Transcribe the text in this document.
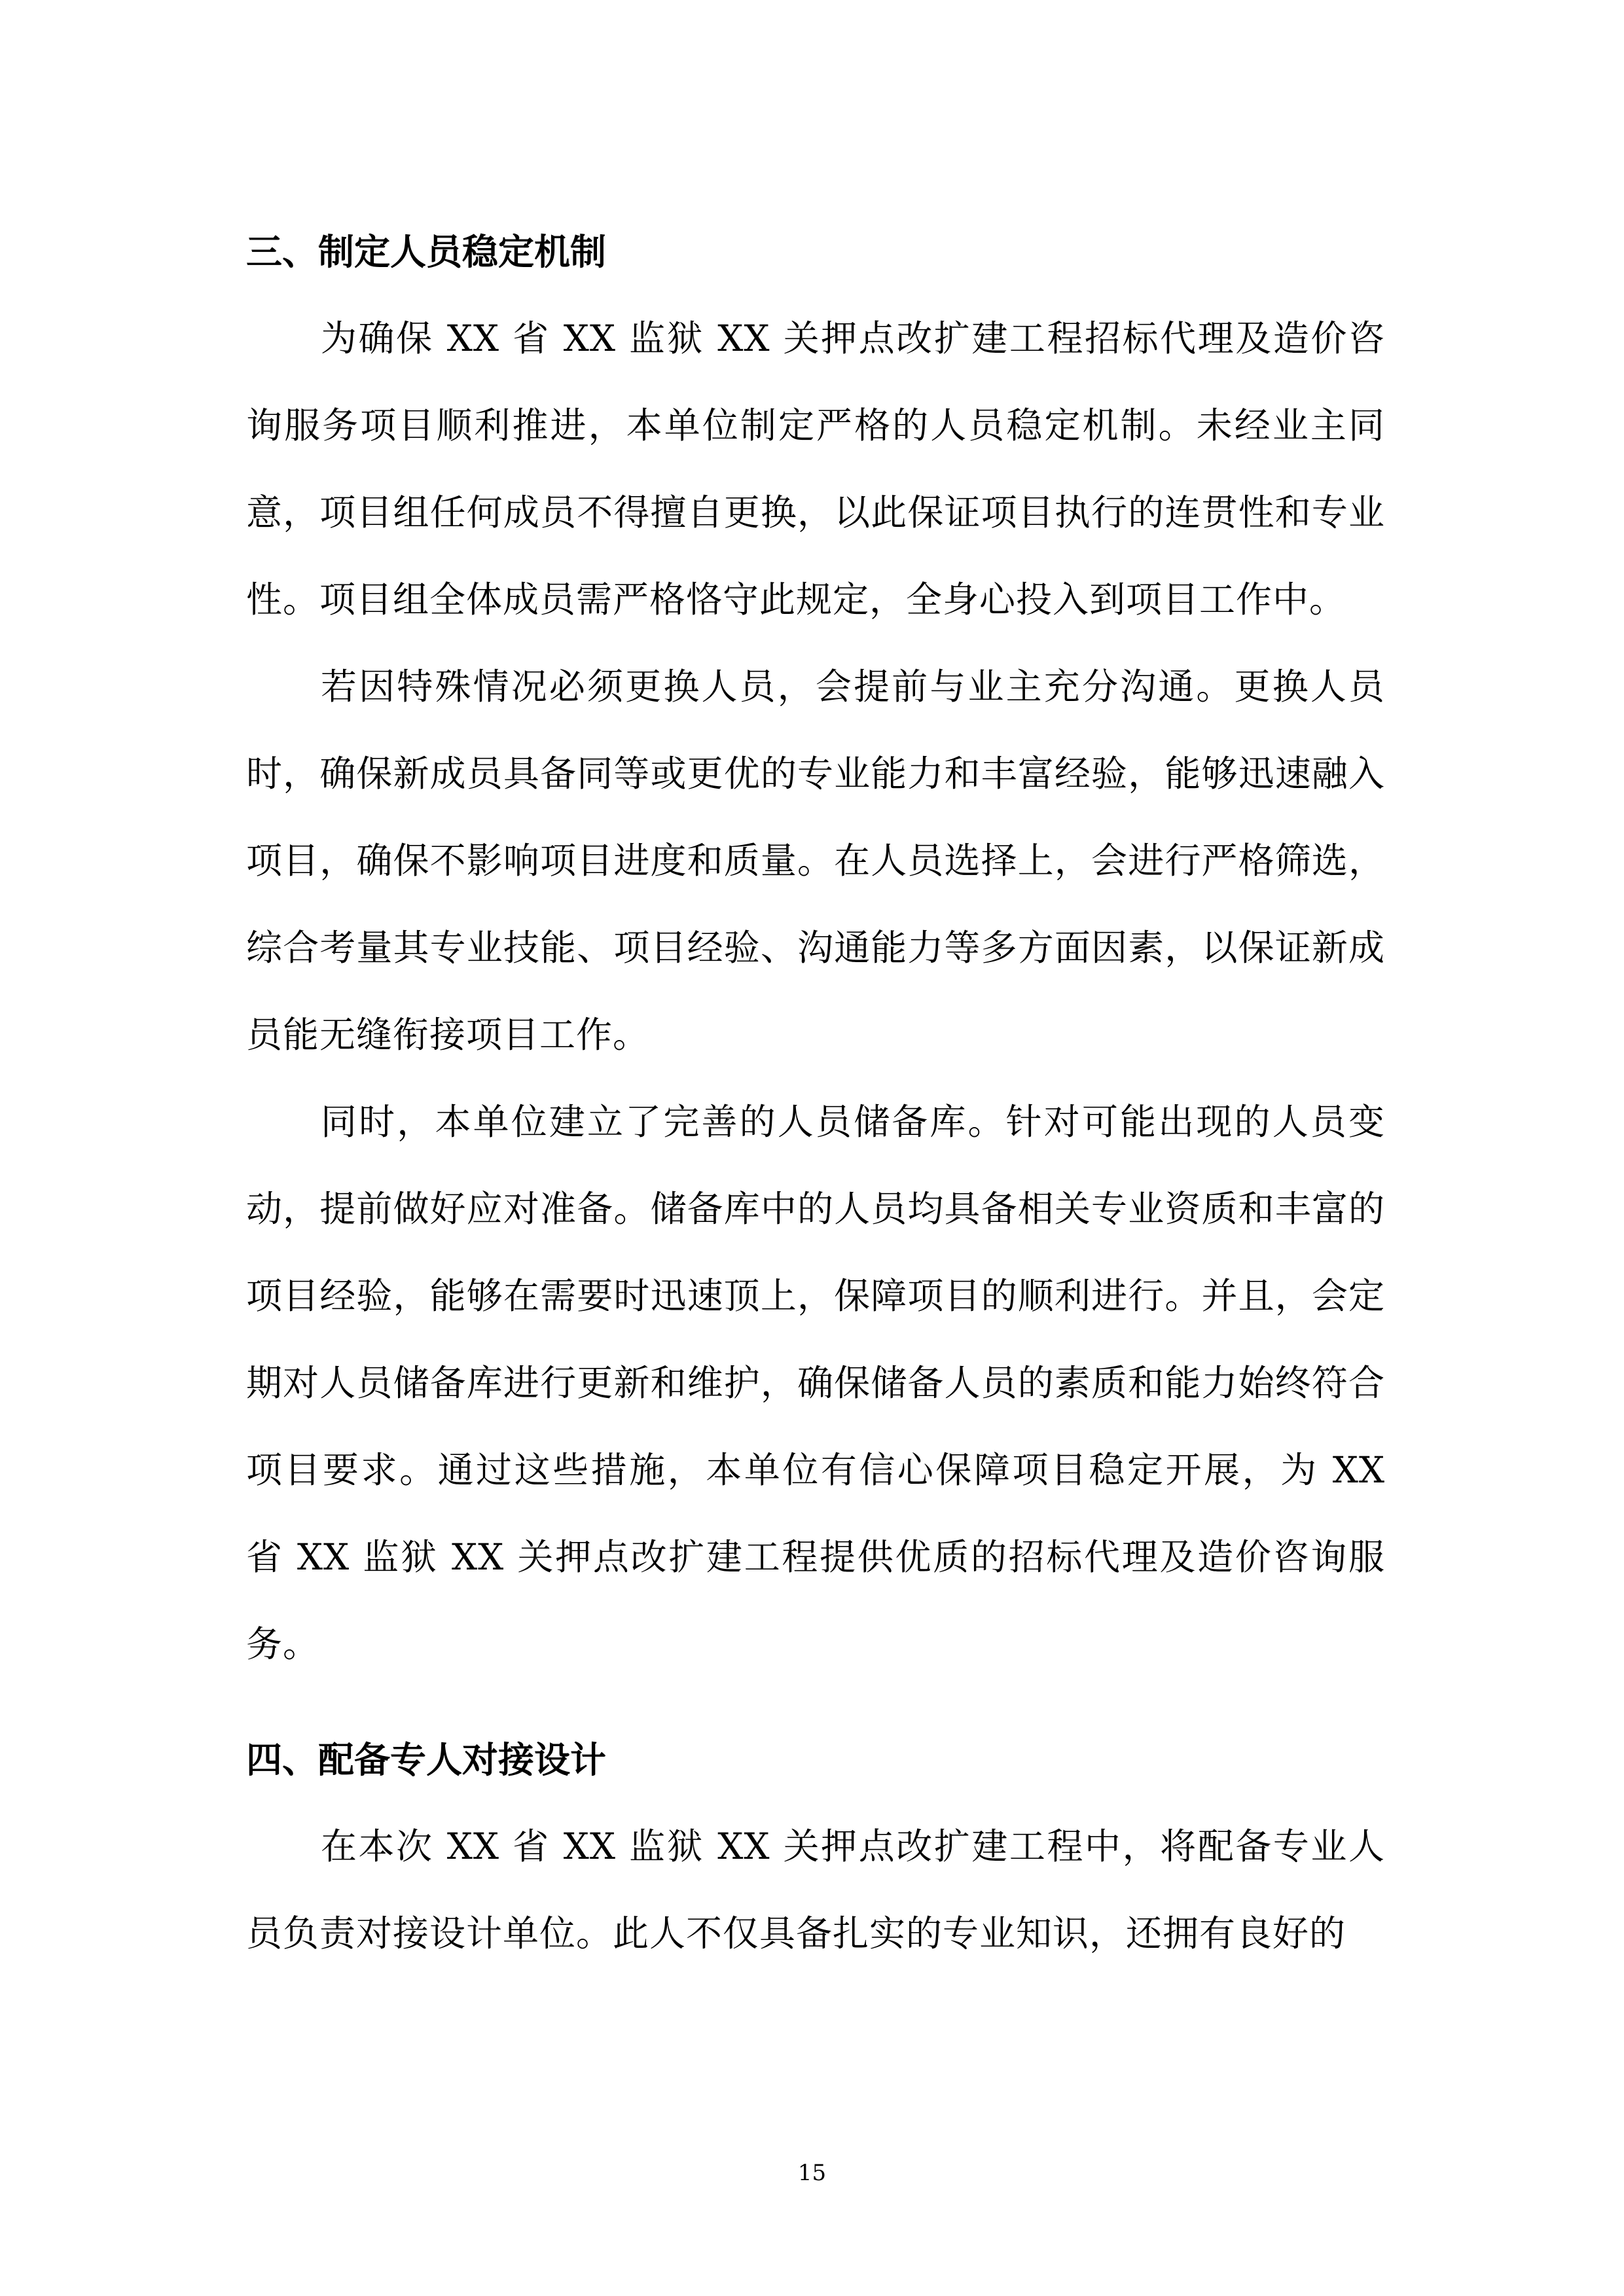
三、制定人员稳定机制

为确保 XX 省 XX 监狱 XX 关押点改扩建工程招标代理及造价咨询服务项目顺利推进，本单位制定严格的人员稳定机制。未经业主同意，项目组任何成员不得擅自更换，以此保证项目执行的连贯性和专业性。项目组全体成员需严格恪守此规定，全身心投入到项目工作中。

若因特殊情况必须更换人员，会提前与业主充分沟通。更换人员时，确保新成员具备同等或更优的专业能力和丰富经验，能够迅速融入项目，确保不影响项目进度和质量。在人员选择上，会进行严格筛选，综合考量其专业技能、项目经验、沟通能力等多方面因素，以保证新成员能无缝衔接项目工作。

同时，本单位建立了完善的人员储备库。针对可能出现的人员变动，提前做好应对准备。储备库中的人员均具备相关专业资质和丰富的项目经验，能够在需要时迅速顶上，保障项目的顺利进行。并且，会定期对人员储备库进行更新和维护，确保储备人员的素质和能力始终符合项目要求。通过这些措施，本单位有信心保障项目稳定开展，为 XX 省 XX 监狱 XX 关押点改扩建工程提供优质的招标代理及造价咨询服务。

四、配备专人对接设计

在本次 XX 省 XX 监狱 XX 关押点改扩建工程中，将配备专业人员负责对接设计单位。此人不仅具备扎实的专业知识，还拥有良好的

15
